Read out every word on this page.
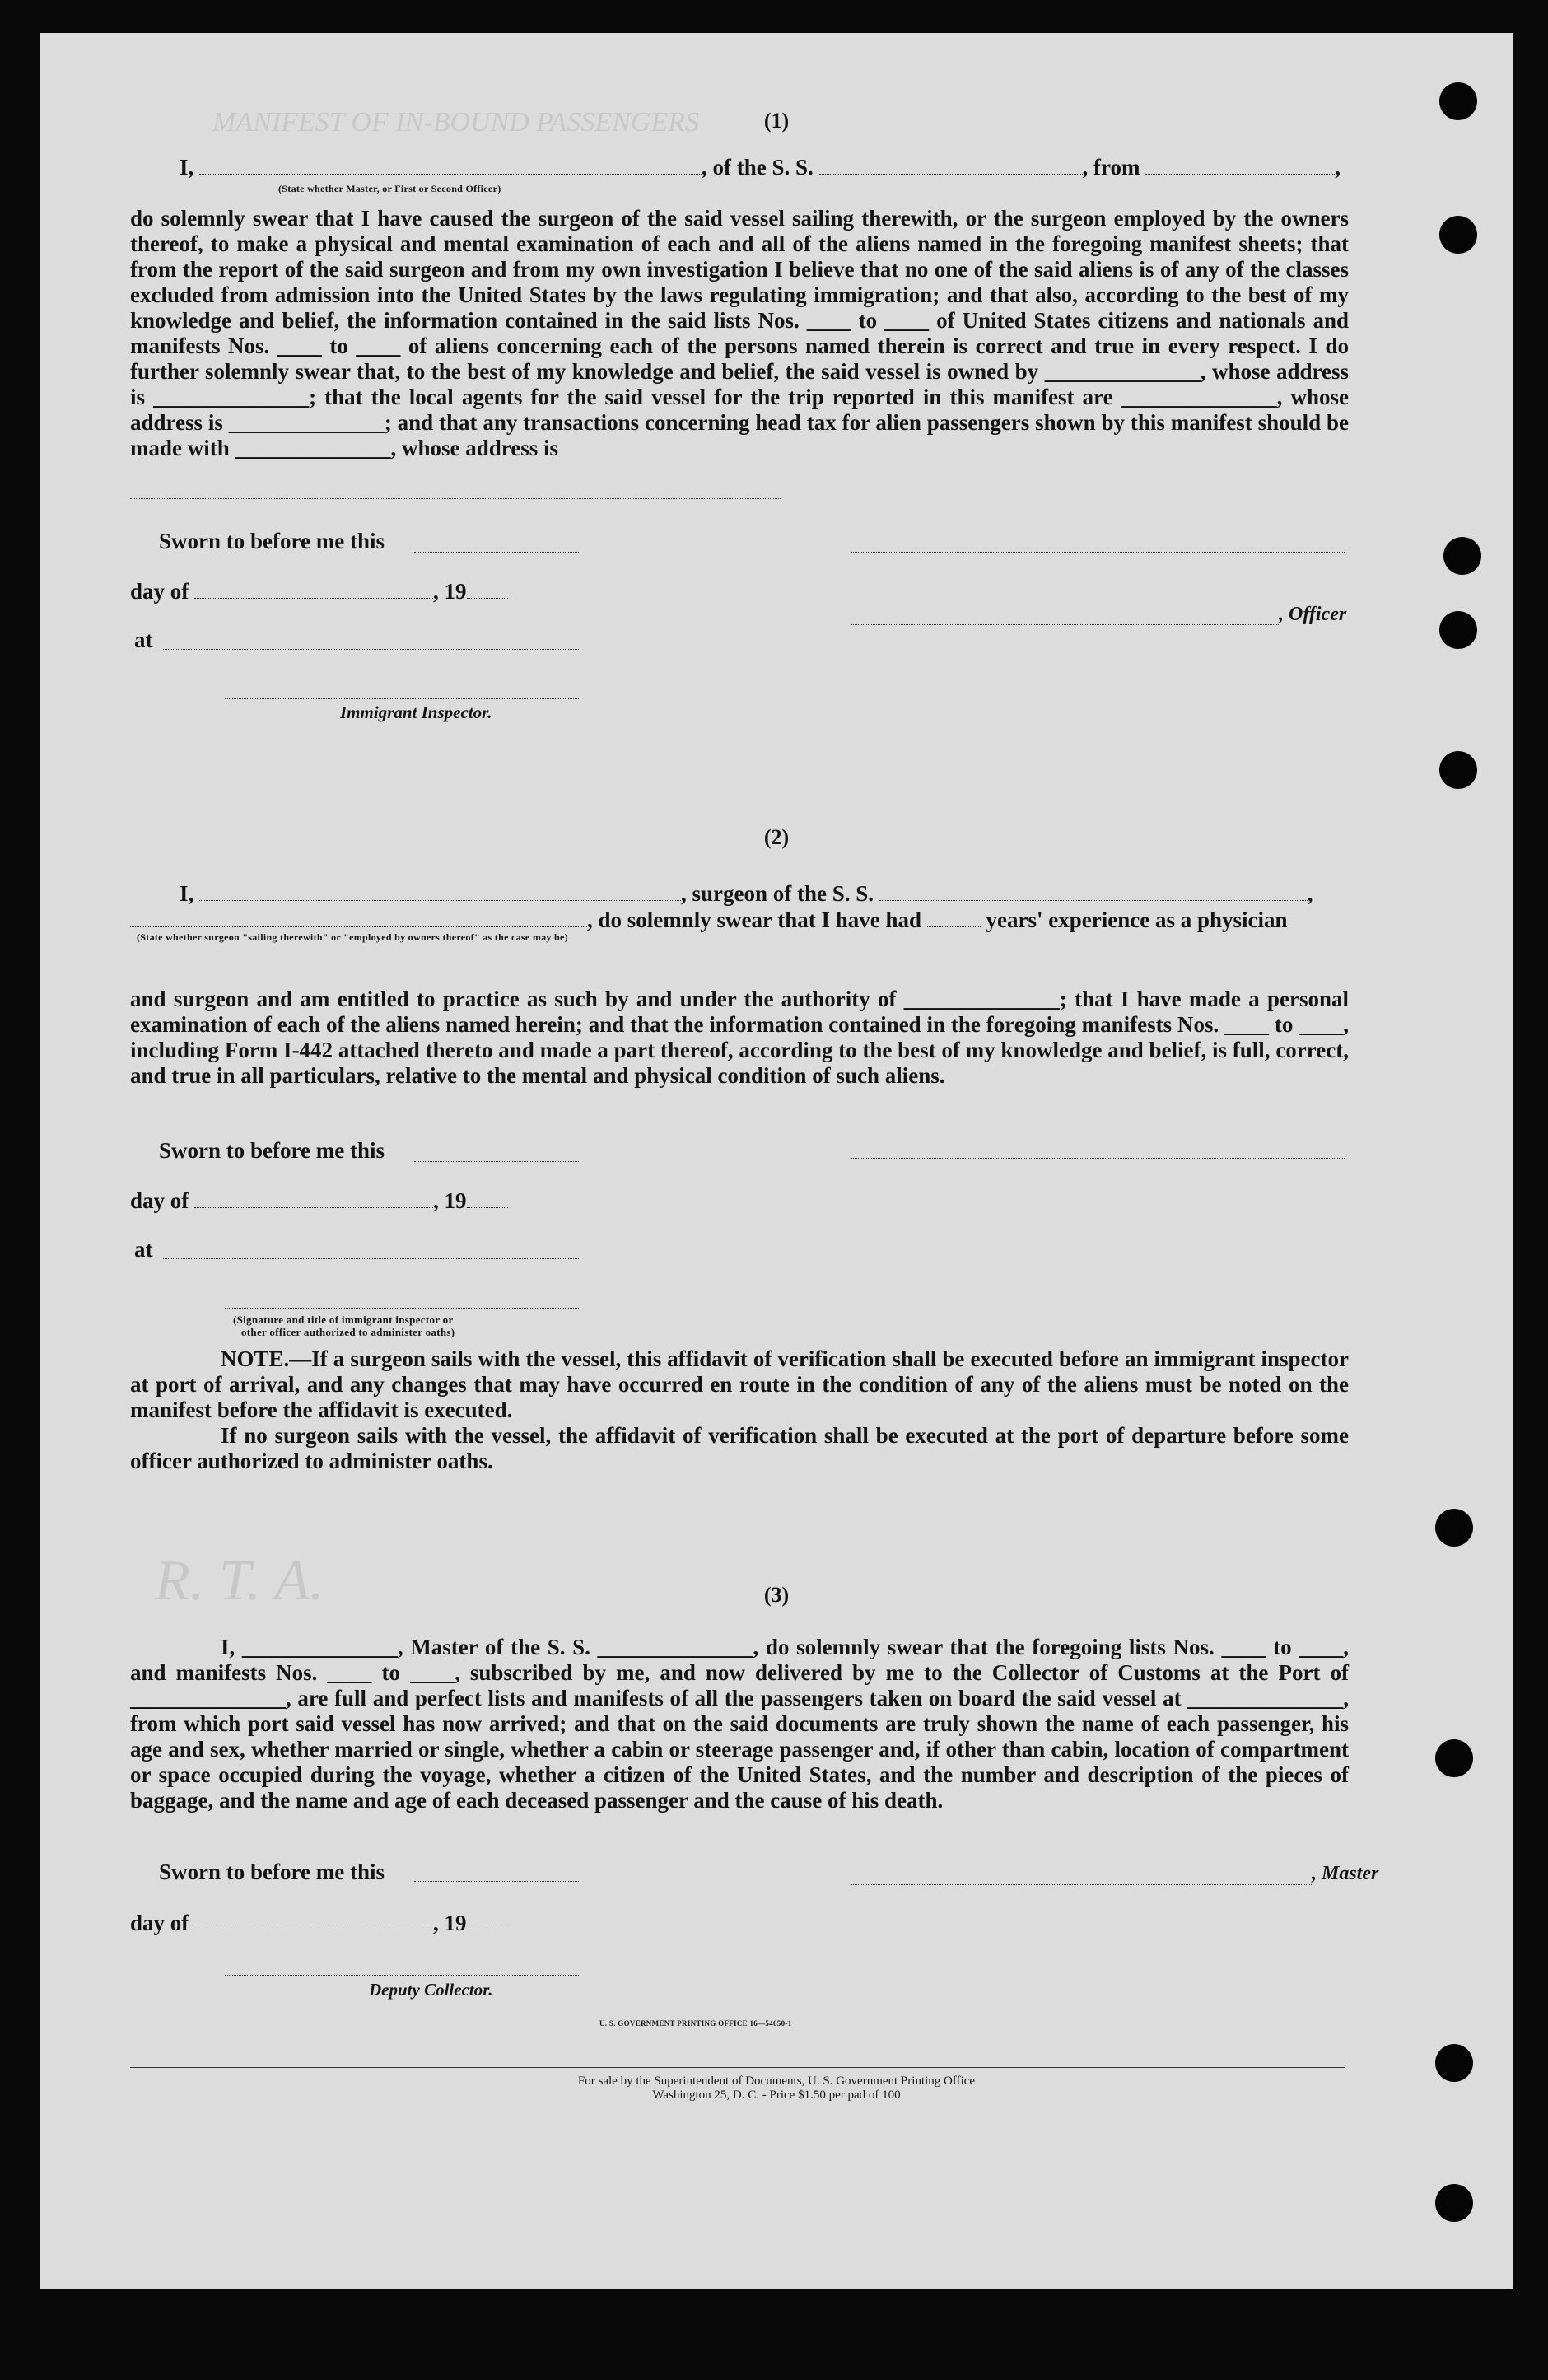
MANIFEST OF IN-BOUND PASSENGERS
R. T. A.
(1)
I,	, of the S. S.	, from	,
(State whether Master, or First or Second Officer)
do solemnly swear that I have caused the surgeon of the said vessel sailing therewith, or the surgeon employed by the owners thereof, to make a physical and mental examination of each and all of the aliens named in the foregoing manifest sheets; that from the report of the said surgeon and from my own investigation I believe that no one of the said aliens is of any of the classes excluded from admission into the United States by the laws regulating immigration; and that also, according to the best of my knowledge and belief, the information contained in the said lists Nos. ____ to ____ of United States citizens and nationals and manifests Nos. ____ to ____ of aliens concerning each of the persons named therein is correct and true in every respect. I do further solemnly swear that, to the best of my knowledge and belief, the said vessel is owned by ______________, whose address is ______________; that the local agents for the said vessel for the trip reported in this manifest are ______________, whose address is ______________; and that any transactions concerning head tax for alien passengers shown by this manifest should be made with ______________, whose address is
Sworn to before me this
day of	, 19
, Officer
at
Immigrant Inspector.
(2)
I,	, surgeon of the S. S.	,
, do solemnly swear that I have had	years' experience as a physician
(State whether surgeon "sailing therewith" or "employed by owners thereof" as the case may be)
and surgeon and am entitled to practice as such by and under the authority of ______________; that I have made a personal examination of each of the aliens named herein; and that the information contained in the foregoing manifests Nos. ____ to ____, including Form I-442 attached thereto and made a part thereof, according to the best of my knowledge and belief, is full, correct, and true in all particulars, relative to the mental and physical condition of such aliens.
Sworn to before me this
day of	, 19
at
(Signature and title of immigrant inspector or
other officer authorized to administer oaths)
NOTE.—If a surgeon sails with the vessel, this affidavit of verification shall be executed before an immigrant inspector at port of arrival, and any changes that may have occurred en route in the condition of any of the aliens must be noted on the manifest before the affidavit is executed.
If no surgeon sails with the vessel, the affidavit of verification shall be executed at the port of departure before some officer authorized to administer oaths.
(3)
I, ______________, Master of the S. S. ______________, do solemnly swear that the foregoing lists Nos. ____ to ____, and manifests Nos. ____ to ____, subscribed by me, and now delivered by me to the Collector of Customs at the Port of ______________, are full and perfect lists and manifests of all the passengers taken on board the said vessel at ______________, from which port said vessel has now arrived; and that on the said documents are truly shown the name of each passenger, his age and sex, whether married or single, whether a cabin or steerage passenger and, if other than cabin, location of compartment or space occupied during the voyage, whether a citizen of the United States, and the number and description of the pieces of baggage, and the name and age of each deceased passenger and the cause of his death.
Sworn to before me this	, Master
day of	, 19
Deputy Collector.
U. S. GOVERNMENT PRINTING OFFICE 16—54650-1
For sale by the Superintendent of Documents, U. S. Government Printing Office
Washington 25, D. C. - Price $1.50 per pad of 100
